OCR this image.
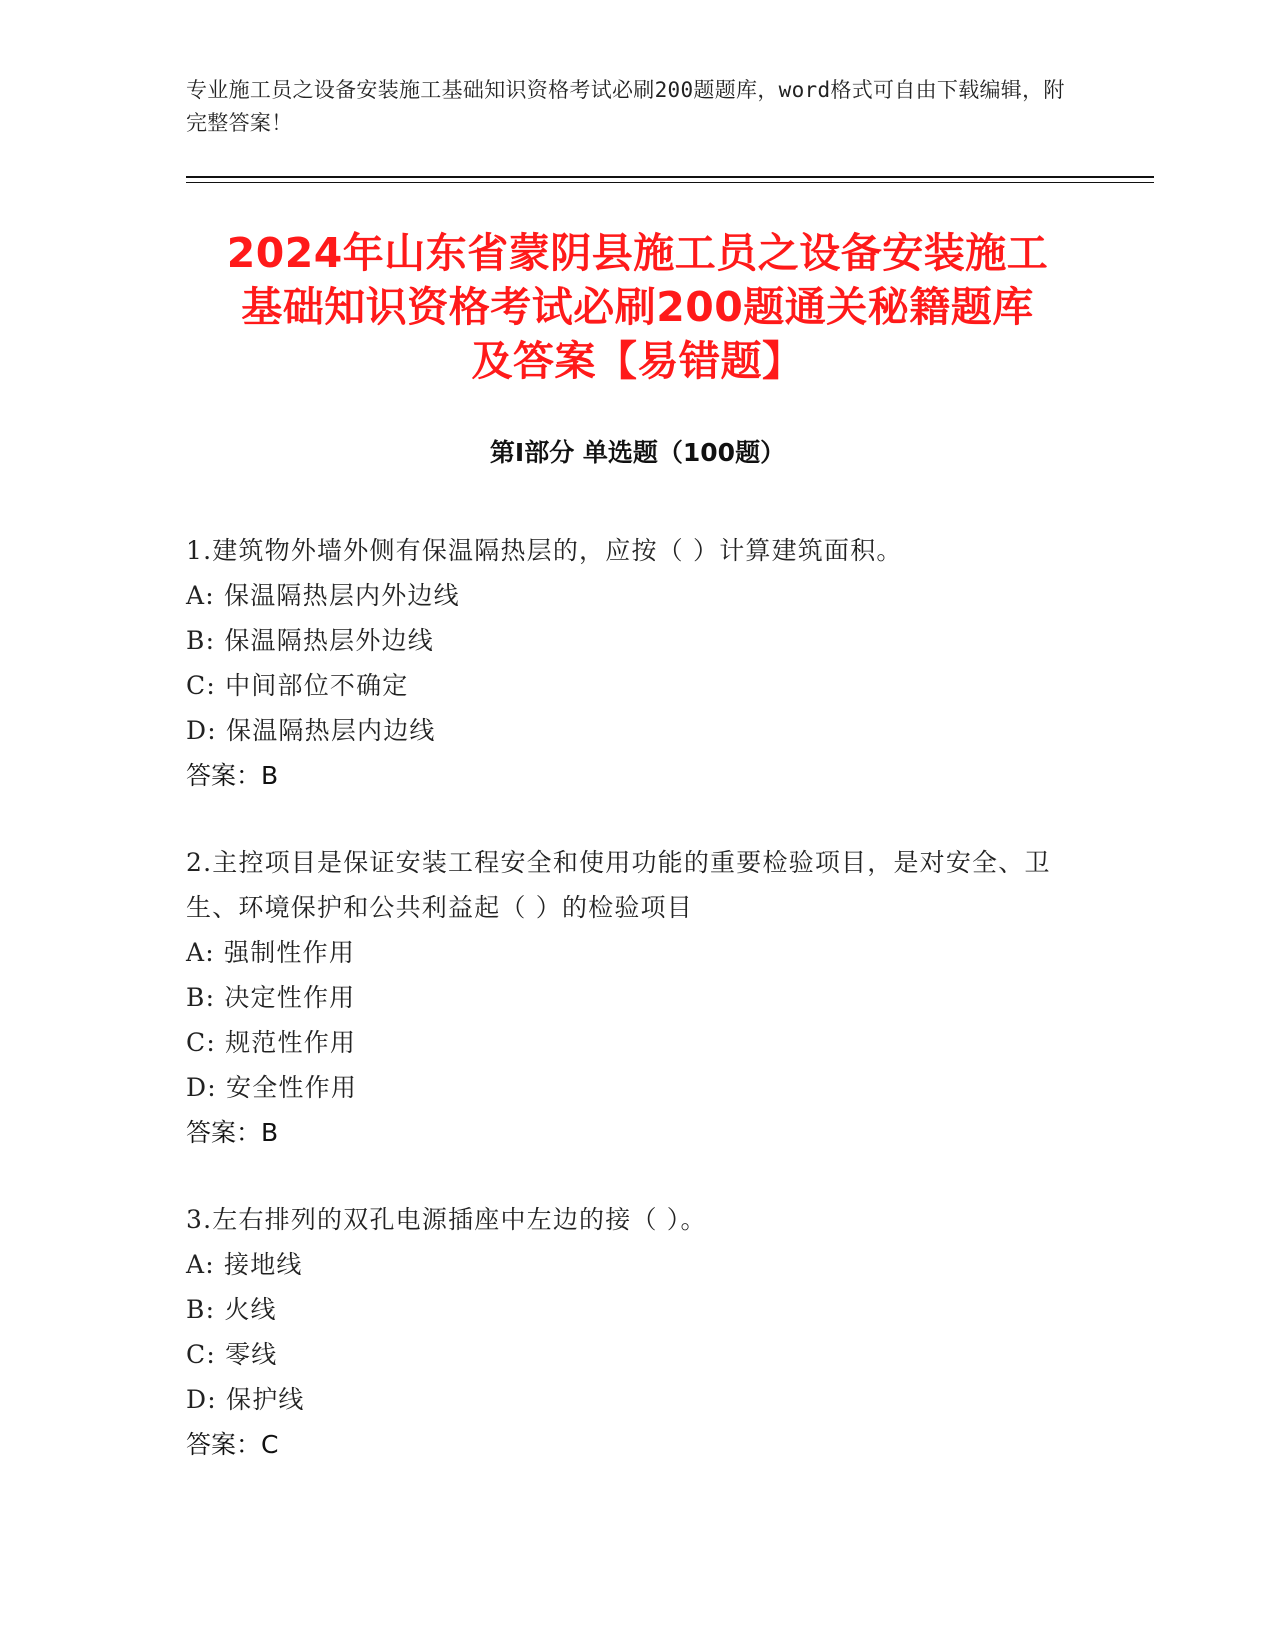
专业施工员之设备安装施工基础知识资格考试必刷200题题库，word格式可自由下载编辑，附完整答案！
2024年山东省蒙阴县施工员之设备安装施工
基础知识资格考试必刷200题通关秘籍题库
及答案【易错题】
第Ⅰ部分 单选题（100题）
1.建筑物外墙外侧有保温隔热层的，应按（ ）计算建筑面积。
A: 保温隔热层内外边线
B: 保温隔热层外边线
C: 中间部位不确定
D: 保温隔热层内边线
答案：B
2.主控项目是保证安装工程安全和使用功能的重要检验项目，是对安全、卫生、环境保护和公共利益起（ ）的检验项目
A: 强制性作用
B: 决定性作用
C: 规范性作用
D: 安全性作用
答案：B
3.左右排列的双孔电源插座中左边的接（ ）。
A: 接地线
B: 火线
C: 零线
D: 保护线
答案：C
